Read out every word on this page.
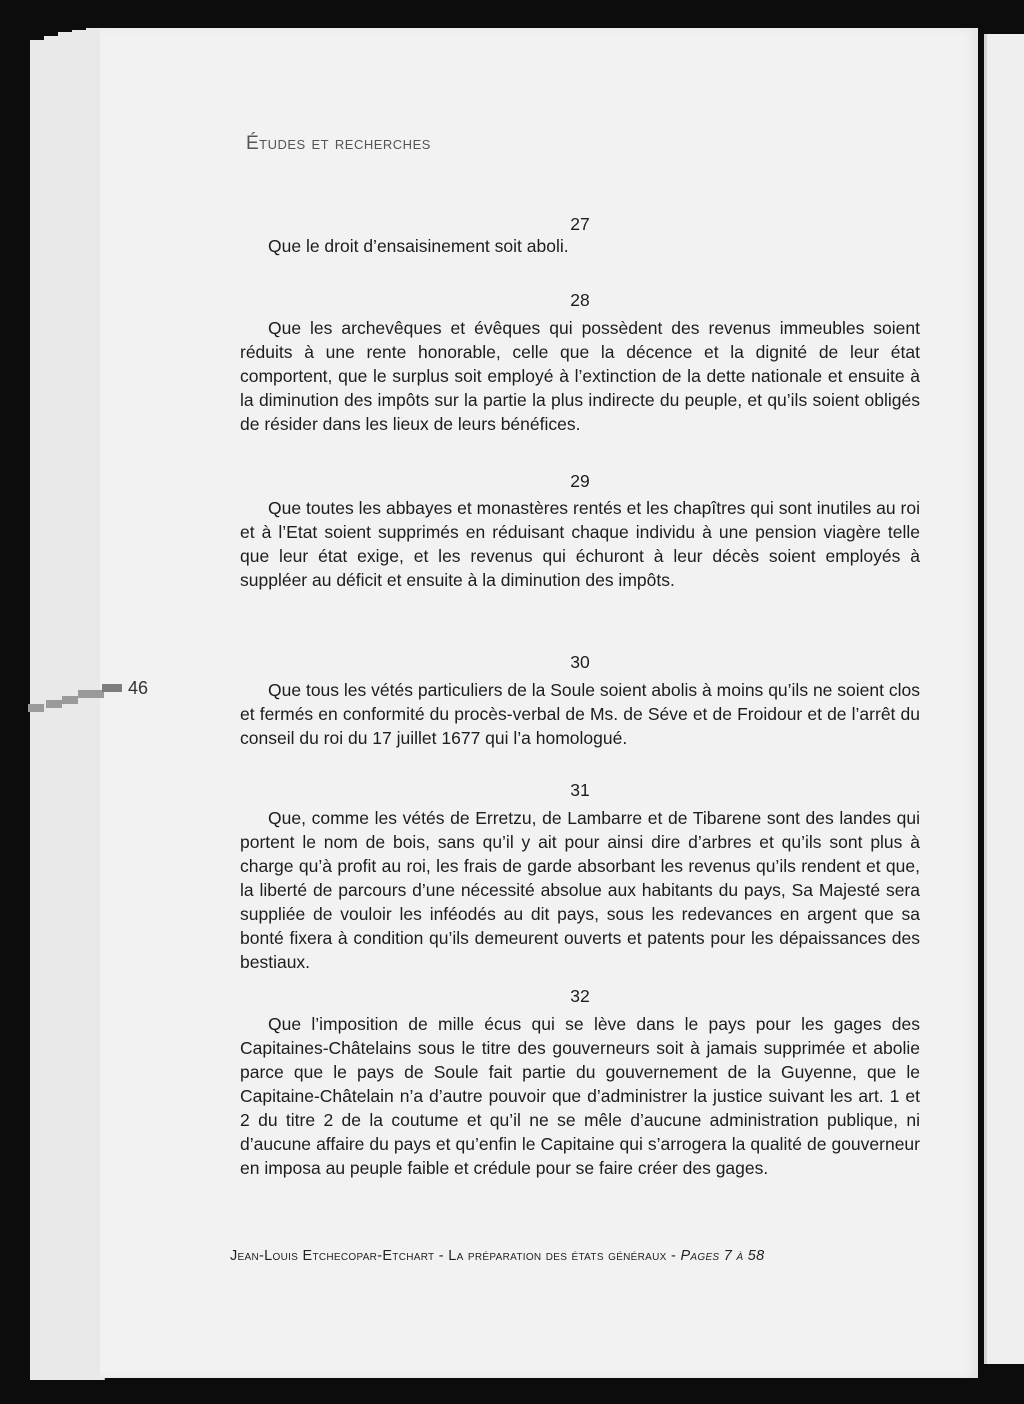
Études et recherches
27

Que le droit d’ensaisinement soit aboli.

28

Que les archevêques et évêques qui possèdent des revenus immeubles soient réduits à une rente honorable, celle que la décence et la dignité de leur état comportent, que le surplus soit employé à l’extinction de la dette nationale et ensuite à la diminution des impôts sur la partie la plus indirecte du peuple, et qu’ils soient obligés de résider dans les lieux de leurs bénéfices.

29

Que toutes les abbayes et monastères rentés et les chapîtres qui sont inutiles au roi et à l’Etat soient supprimés en réduisant chaque individu à une pension viagère telle que leur état exige, et les revenus qui échuront à leur décès soient employés à suppléer au déficit et ensuite à la diminution des impôts.

30

Que tous les vétés particuliers de la Soule soient abolis à moins qu’ils ne soient clos et fermés en conformité du procès-verbal de Ms. de Séve et de Froidour et de l’arrêt du conseil du roi du 17 juillet 1677 qui l’a homologué.

31

Que, comme les vétés de Erretzu, de Lambarre et de Tibarene sont des landes qui portent le nom de bois, sans qu’il y ait pour ainsi dire d’arbres et qu’ils sont plus à charge qu’à profit au roi, les frais de garde absorbant les revenus qu’ils rendent et que, la liberté de parcours d’une nécessité absolue aux habitants du pays, Sa Majesté sera suppliée de vouloir les inféodés au dit pays, sous les redevances en argent que sa bonté fixera à condition qu’ils demeurent ouverts et patents pour les dépaissances des bestiaux.

32

Que l’imposition de mille écus qui se lève dans le pays pour les gages des Capitaines-Châtelains sous le titre des gouverneurs soit à jamais supprimée et abolie parce que le pays de Soule fait partie du gouvernement de la Guyenne, que le Capitaine-Châtelain n’a d’autre pouvoir que d’administrer la justice suivant les art. 1 et 2 du titre 2 de la coutume et qu’il ne se mêle d’aucune administration publique, ni d’aucune affaire du pays et qu’enfin le Capitaine qui s’arrogera la qualité de gouverneur en imposa au peuple faible et crédule pour se faire créer des gages.

Jean-Louis Etchecopar-Etchart - La préparation des états généraux - Pages 7 à 58
46
